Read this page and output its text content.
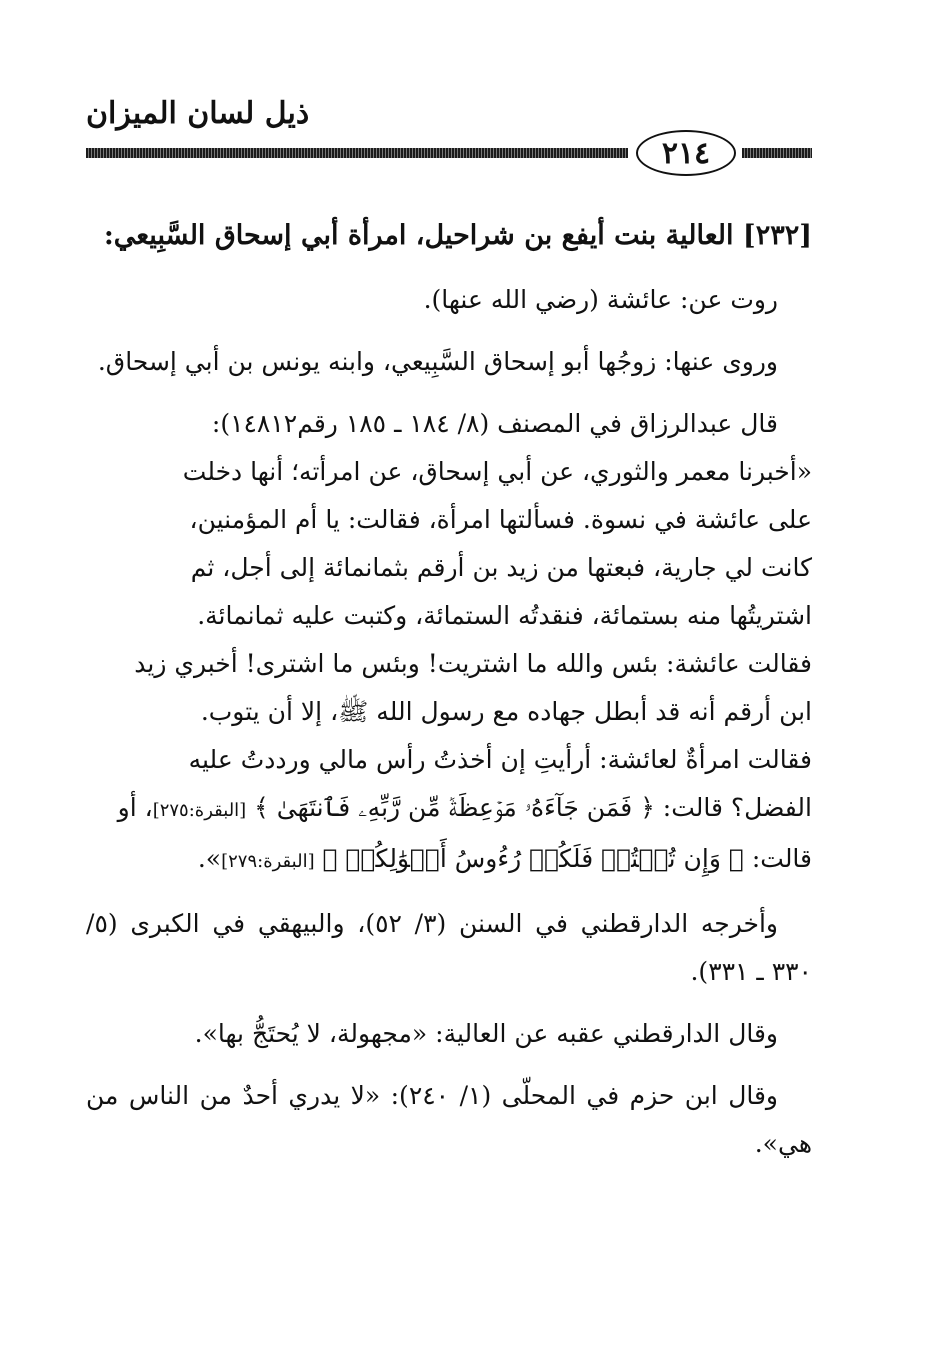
ذيل لسان الميزان
٢١٤

[٢٣٢] العالية بنت أيفع بن شراحيل، امرأة أبي إسحاق السَّبِيعي:

روت عن: عائشة (رضي الله عنها).

وروى عنها: زوجُها أبو إسحاق السَّبِيعي، وابنه يونس بن أبي إسحاق.

قال عبدالرزاق في المصنف (٨/ ١٨٤ ـ ١٨٥ رقم١٤٨١٢):

«أخبرنا معمر والثوري، عن أبي إسحاق، عن امرأته؛ أنها دخلت
على عائشة في نسوة. فسألتها امرأة، فقالت: يا أم المؤمنين،
كانت لي جارية، فبعتها من زيد بن أرقم بثمانمائة إلى أجل، ثم
اشتريتُها منه بستمائة، فنقدتُه الستمائة، وكتبت عليه ثمانمائة.
فقالت عائشة: بئس والله ما اشتريت! وبئس ما اشترى! أخبري زيد
ابن أرقم أنه قد أبطل جهاده مع رسول الله ﷺ، إلا أن يتوب.
فقالت امرأةٌ لعائشة: أرأيتِ إن أخذتُ رأس مالي ورددتُ عليه
الفضل؟ قالت: ﴿ فَمَن جَآءَهُۥ مَوۡعِظَةٞ مِّن رَّبِّهِۦ فَٱنتَهَىٰ ﴾ [البقرة:٢٧٥]، أو
قالت: ﴿ وَإِن تُبۡتُمۡ فَلَكُمۡ رُءُوسُ أَمۡوَٰلِكُمۡ ﴾ [البقرة:٢٧٩]».

وأخرجه الدارقطني في السنن (٣/ ٥٢)، والبيهقي في الكبرى (٥/ ٣٣٠ ـ ٣٣١).

وقال الدارقطني عقبه عن العالية: «مجهولة، لا يُحتَجُّ بها».

وقال ابن حزم في المحلّى (١/ ٢٤٠): «لا يدري أحدٌ من الناس من هي».
